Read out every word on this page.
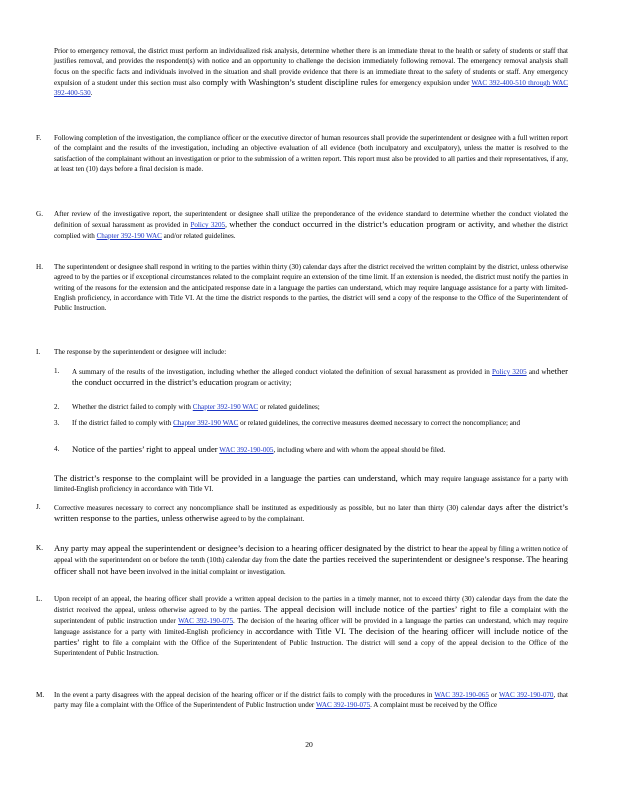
Prior to emergency removal, the district must perform an individualized risk analysis, determine whether there is an immediate threat to the health or safety of students or staff that justifies removal, and provides the respondent(s) with notice and an opportunity to challenge the decision immediately following removal. The emergency removal analysis shall focus on the specific facts and individuals involved in the situation and shall provide evidence that there is an immediate threat to the safety of students or staff. Any emergency expulsion of a student under this section must also comply with Washington’s student discipline rules for emergency expulsion under WAC 392-400-510 through WAC 392-400-530.
F. Following completion of the investigation, the compliance officer or the executive director of human resources shall provide the superintendent or designee with a full written report of the complaint and the results of the investigation, including an objective evaluation of all evidence (both inculpatory and exculpatory), unless the matter is resolved to the satisfaction of the complainant without an investigation or prior to the submission of a written report. This report must also be provided to all parties and their representatives, if any, at least ten (10) days before a final decision is made.
G. After review of the investigative report, the superintendent or designee shall utilize the preponderance of the evidence standard to determine whether the conduct violated the definition of sexual harassment as provided in Policy 3205, whether the conduct occurred in the district’s education program or activity, and whether the district complied with Chapter 392-190 WAC and/or related guidelines.
H. The superintendent or designee shall respond in writing to the parties within thirty (30) calendar days after the district received the written complaint by the district, unless otherwise agreed to by the parties or if exceptional circumstances related to the complaint require an extension of the time limit. If an extension is needed, the district must notify the parties in writing of the reasons for the extension and the anticipated response date in a language the parties can understand, which may require language assistance for a party with limited-English proficiency, in accordance with Title VI. At the time the district responds to the parties, the district will send a copy of the response to the Office of the Superintendent of Public Instruction.
I. The response by the superintendent or designee will include:
1. A summary of the results of the investigation, including whether the alleged conduct violated the definition of sexual harassment as provided in Policy 3205 and whether the conduct occurred in the district’s education program or activity;
2. Whether the district failed to comply with Chapter 392-190 WAC or related guidelines;
3. If the district failed to comply with Chapter 392-190 WAC or related guidelines, the corrective measures deemed necessary to correct the noncompliance; and
4. Notice of the parties’ right to appeal under WAC 392-190-005, including where and with whom the appeal should be filed.
The district’s response to the complaint will be provided in a language the parties can understand, which may require language assistance for a party with limited-English proficiency in accordance with Title VI.
J. Corrective measures necessary to correct any noncompliance shall be instituted as expeditiously as possible, but no later than thirty (30) calendar days after the district’s written response to the parties, unless otherwise agreed to by the complainant.
K. Any party may appeal the superintendent or designee’s decision to a hearing officer designated by the district to hear the appeal by filing a written notice of appeal with the superintendent on or before the tenth (10th) calendar day from the date the parties received the superintendent or designee’s response. The hearing officer shall not have been involved in the initial complaint or investigation.
L. Upon receipt of an appeal, the hearing officer shall provide a written appeal decision to the parties in a timely manner, not to exceed thirty (30) calendar days from the date the district received the appeal, unless otherwise agreed to by the parties. The appeal decision will include notice of the parties’ right to file a complaint with the superintendent of public instruction under WAC 392-190-075. The decision of the hearing officer will be provided in a language the parties can understand, which may require language assistance for a party with limited-English proficiency in accordance with Title VI. The decision of the hearing officer will include notice of the parties’ right to file a complaint with the Office of the Superintendent of Public Instruction. The district will send a copy of the appeal decision to the Office of the Superintendent of Public Instruction.
M. In the event a party disagrees with the appeal decision of the hearing officer or if the district fails to comply with the procedures in WAC 392-190-065 or WAC 392-190-070, that party may file a complaint with the Office of the Superintendent of Public Instruction under WAC 392-190-075. A complaint must be received by the Office
20
